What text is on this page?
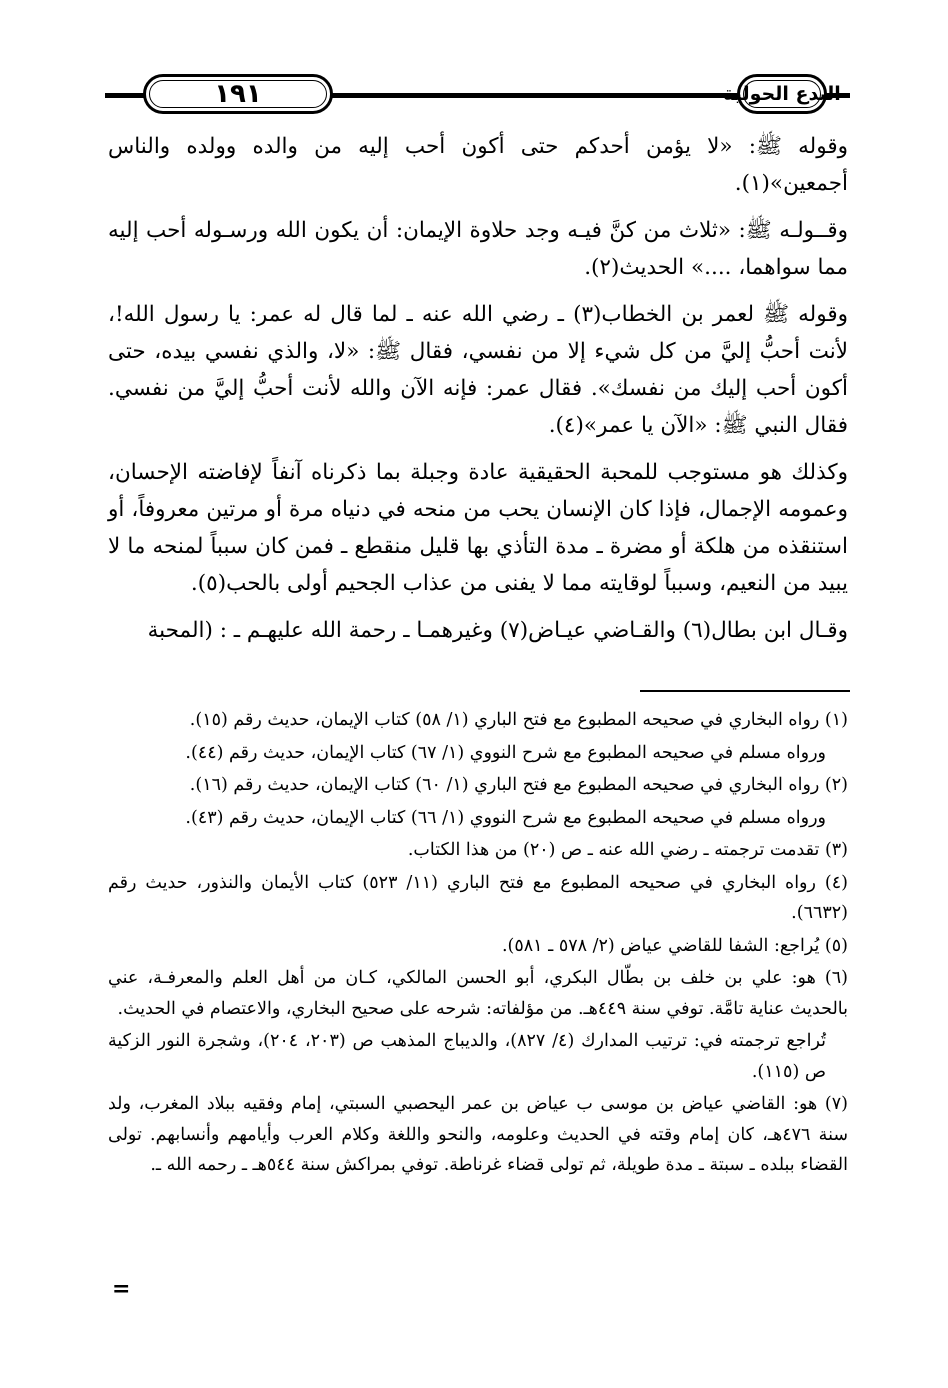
١٩١	البدع الحولية

وقوله ﷺ: «لا يؤمن أحدكم حتى أكون أحب إليه من والده وولده والناس أجمعين»(١).

وقــولـه ﷺ: «ثلاث من كنَّ فيـه وجد حلاوة الإيمان: أن يكون الله ورسـوله أحب إليه مما سواهما، ....» الحديث(٢).

وقوله ﷺ لعمر بن الخطاب(٣) ـ رضي الله عنه ـ لما قال له عمر: يا رسول الله!، لأنت أحبُّ إليَّ من كل شيء إلا من نفسي، فقال ﷺ: «لا، والذي نفسي بيده، حتى أكون أحب إليك من نفسك». فقال عمر: فإنه الآن والله لأنت أحبُّ إليَّ من نفسي. فقال النبي ﷺ: «الآن يا عمر»(٤).

وكذلك هو مستوجب للمحبة الحقيقية عادة وجبلة بما ذكرناه آنفاً لإفاضته الإحسان، وعمومه الإجمال، فإذا كان الإنسان يحب من منحه في دنياه مرة أو مرتين معروفاً، أو استنقذه من هلكة أو مضرة ـ مدة التأذي بها قليل منقطع ـ فمن كان سبباً لمنحه ما لا يبيد من النعيم، وسبباً لوقايته مما لا يفنى من عذاب الجحيم أولى بالحب(٥).

وقـال ابن بطال(٦) والقـاضي عيـاض(٧) وغيرهمـا ـ رحمة الله عليهـم ـ : (المحبة

(١) رواه البخاري في صحيحه المطبوع مع فتح الباري (١/ ٥٨) كتاب الإيمان، حديث رقم (١٥).

ورواه مسلم في صحيحه المطبوع مع شرح النووي (١/ ٦٧) كتاب الإيمان، حديث رقم (٤٤).

(٢) رواه البخاري في صحيحه المطبوع مع فتح الباري (١/ ٦٠) كتاب الإيمان، حديث رقم (١٦).

ورواه مسلم في صحيحه المطبوع مع شرح النووي (١/ ٦٦) كتاب الإيمان، حديث رقم (٤٣).

(٣) تقدمت ترجمته ـ رضي الله عنه ـ ص (٢٠) من هذا الكتاب.

(٤) رواه البخاري في صحيحه المطبوع مع فتح الباري (١١/ ٥٢٣) كتاب الأيمان والنذور، حديث رقم (٦٦٣٢).

(٥) يُراجع: الشفا للقاضي عياض (٢/ ٥٧٨ ـ ٥٨١).

(٦) هو: علي بن خلف بن بطّال البكري، أبو الحسن المالكي، كـان من أهل العلم والمعرفـة، عني بالحديث عناية تامَّة. توفي سنة ٤٤٩هـ. من مؤلفاته: شرحه على صحيح البخاري، والاعتصام في الحديث.

تُراجع ترجمته في: ترتيب المدارك (٤/ ٨٢٧)، والديباج المذهب ص (٢٠٣، ٢٠٤)، وشجرة النور الزكية ص (١١٥).

(٧) هو: القاضي عياض بن موسى ب عياض بن عمر اليحصبي السبتي، إمام وفقيه ببلاد المغرب، ولد سنة ٤٧٦هـ، كان إمام وقته في الحديث وعلومه، والنحو واللغة وكلام العرب وأيامهم وأنسابهم. تولى القضاء ببلده ـ سبتة ـ مدة طويلة، ثم تولى قضاء غرناطة. توفي بمراكش سنة ٥٤٤هـ ـ رحمه الله ـ.

=
